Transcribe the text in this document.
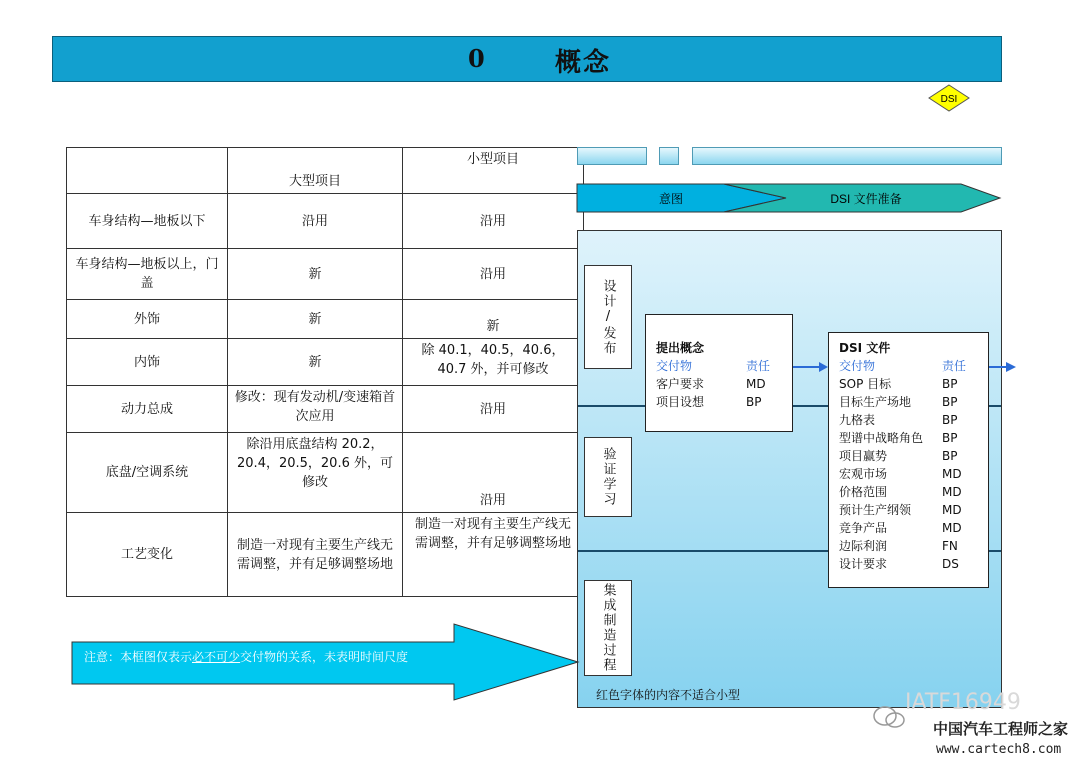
0	概念
DSI
	大型项目	小型项目
车身结构—地板以下	沿用	沿用
车身结构—地板以上，门盖	新	沿用
外饰	新	新
内饰	新	除 40.1，40.5，40.6，40.7 外，并可修改
动力总成	修改：现有发动机/变速箱首次应用	沿用
底盘/空调系统	除沿用底盘结构 20.2，20.4，20.5，20.6 外，可修改	沿用
工艺变化	制造一对现有主要生产线无需调整，并有足够调整场地	制造一对现有主要生产线无需调整，并有足够调整场地
意图	DSI 文件准备
设计/发布
验证学习
集成制造过程
提出概念
交付物	责任
客户要求	MD
项目设想	BP
DSI 文件
交付物	责任
SOP 目标	BP
目标生产场地	BP
九格表	BP
型谱中战略角色 BP
项目赢势	BP
宏观市场	MD
价格范围	MD
预计生产纲领	MD
竞争产品	MD
边际利润	FN
设计要求	DS
红色字体的内容不适合小型
注意：本框图仅表示必不可少交付物的关系，未表明时间尺度
IATF16949
中国汽车工程师之家
www.cartech8.com
